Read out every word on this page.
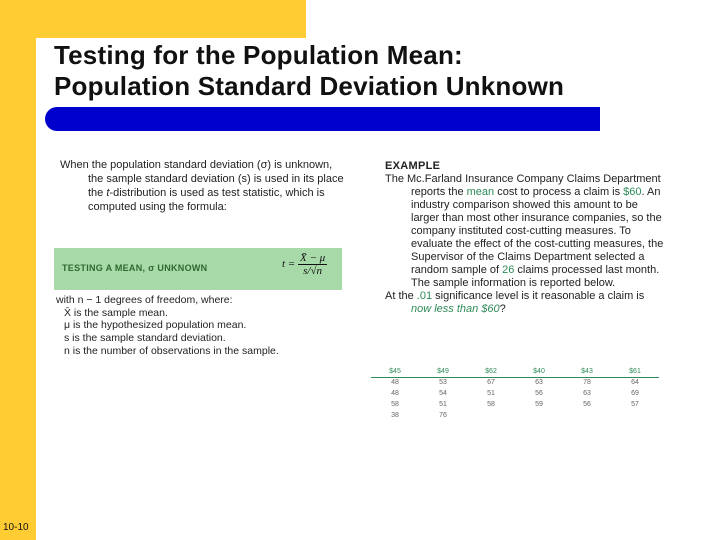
Testing for the Population Mean:
Population Standard Deviation Unknown
When the population standard deviation (σ) is unknown, the sample standard deviation (s) is used in its place the t-distribution is used as test statistic, which is computed using the formula:
TESTING A MEAN, σ UNKNOWN	$t = \frac{X̄ - \mu}{s/√n}$
with n − 1 degrees of freedom, where:
X̄ is the sample mean.
μ is the hypothesized population mean.
s is the sample standard deviation.
n is the number of observations in the sample.
EXAMPLE
The Mc.Farland Insurance Company Claims Department reports the mean cost to process a claim is $60. An industry comparison showed this amount to be larger than most other insurance companies, so the company instituted cost-cutting measures. To evaluate the effect of the cost-cutting measures, the Supervisor of the Claims Department selected a random sample of 26 claims processed last month. The sample information is reported below.
At the .01 significance level is it reasonable a claim is now less than $60?
$45	$49	$62	$40	$43	$61
48	53	67	63	78	64
48	54	51	56	63	69
58	51	58	59	56	57
38	76				
10-10
